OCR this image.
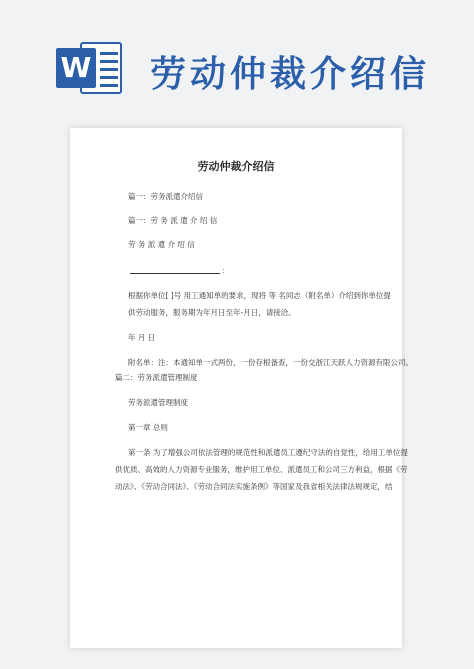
W 劳动仲裁介绍信
劳动仲裁介绍信
篇一：劳务派遣介绍信
篇一：劳 务 派 遣 介 绍 信
劳 务 派 遣 介 绍 信
：
根据你单位[ ]号 用工通知单的要求，现将 等 名同志（附名单）介绍到你单位提
供劳动服务，服务期为年月日至年-月日，请接洽。
年 月 日
附名单：注：本通知单一式两份，一份存根备查，一份交浙江天跃人力资源有限公司。
篇二：劳务派遣管理制度
劳务派遣管理制度
第一章 总则
第一条 为了增强公司依法管理的规范性和派遣员工遵纪守法的自觉性，给用工单位提
供优质、高效的人力资源专业服务，维护用工单位、派遣员工和公司三方利益，根据《劳
动法》、《劳动合同法》、《劳动合同法实施条例》等国家及我省相关法律法规规定，结
